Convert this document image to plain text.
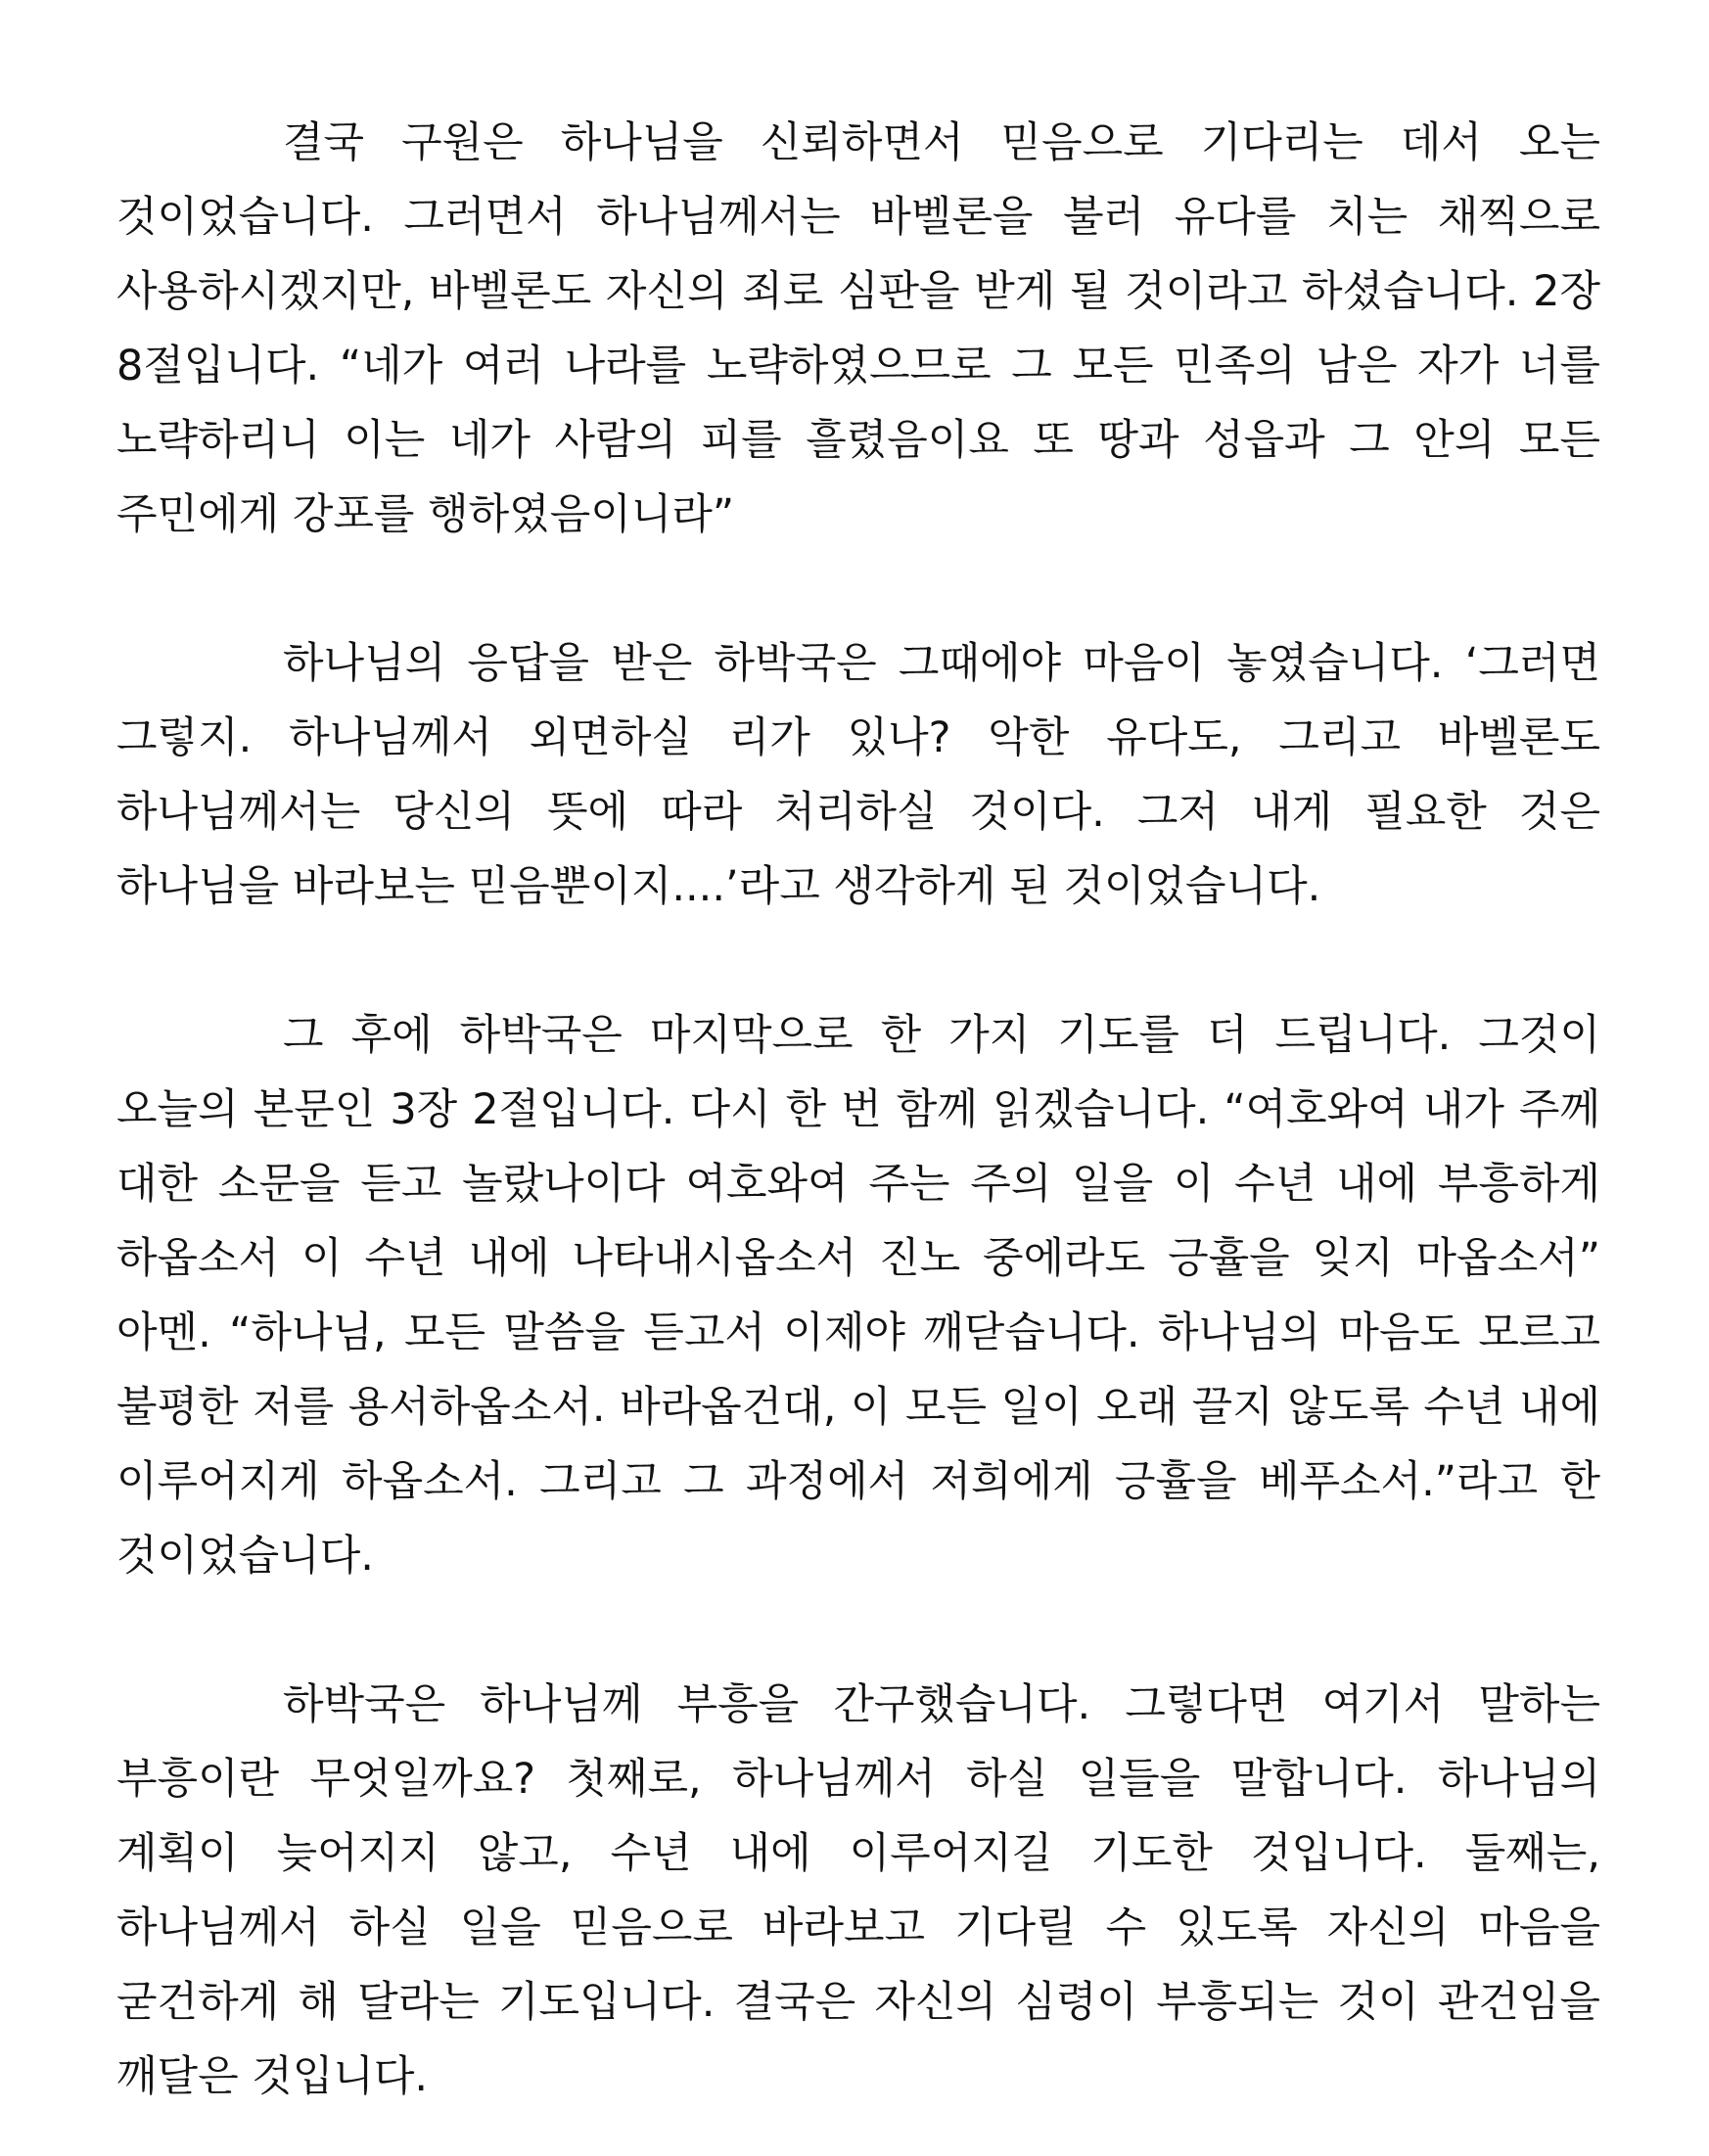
결국 구원은 하나님을 신뢰하면서 믿음으로 기다리는 데서 오는 것이었습니다. 그러면서 하나님께서는 바벨론을 불러 유다를 치는 채찍으로 사용하시겠지만, 바벨론도 자신의 죄로 심판을 받게 될 것이라고 하셨습니다. 2장 8절입니다. “네가 여러 나라를 노략하였으므로 그 모든 민족의 남은 자가 너를 노략하리니 이는 네가 사람의 피를 흘렸음이요 또 땅과 성읍과 그 안의 모든 주민에게 강포를 행하였음이니라”

하나님의 응답을 받은 하박국은 그때에야 마음이 놓였습니다. ‘그러면 그렇지. 하나님께서 외면하실 리가 있나? 악한 유다도, 그리고 바벨론도 하나님께서는 당신의 뜻에 따라 처리하실 것이다. 그저 내게 필요한 것은 하나님을 바라보는 믿음뿐이지....’라고 생각하게 된 것이었습니다.

그 후에 하박국은 마지막으로 한 가지 기도를 더 드립니다. 그것이 오늘의 본문인 3장 2절입니다. 다시 한 번 함께 읽겠습니다. “여호와여 내가 주께 대한 소문을 듣고 놀랐나이다 여호와여 주는 주의 일을 이 수년 내에 부흥하게 하옵소서 이 수년 내에 나타내시옵소서 진노 중에라도 긍휼을 잊지 마옵소서” 아멘. “하나님, 모든 말씀을 듣고서 이제야 깨닫습니다. 하나님의 마음도 모르고 불평한 저를 용서하옵소서. 바라옵건대, 이 모든 일이 오래 끌지 않도록 수년 내에 이루어지게 하옵소서. 그리고 그 과정에서 저희에게 긍휼을 베푸소서.”라고 한 것이었습니다.

하박국은 하나님께 부흥을 간구했습니다. 그렇다면 여기서 말하는 부흥이란 무엇일까요? 첫째로, 하나님께서 하실 일들을 말합니다. 하나님의 계획이 늦어지지 않고, 수년 내에 이루어지길 기도한 것입니다. 둘째는, 하나님께서 하실 일을 믿음으로 바라보고 기다릴 수 있도록 자신의 마음을 굳건하게 해 달라는 기도입니다. 결국은 자신의 심령이 부흥되는 것이 관건임을 깨달은 것입니다.
